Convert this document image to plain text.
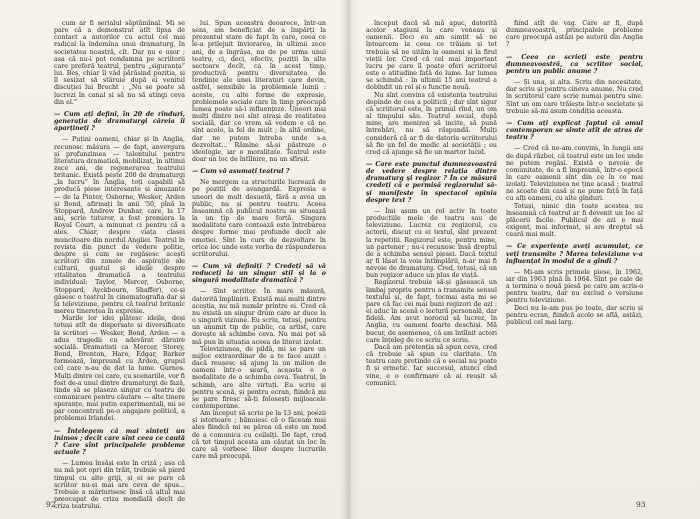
cum ar fi serialul săptămînal. Mi se pare că a demonstrat atît lipsa de contact a autorilor cu actul cel mai radical la îndemîna unui dramaturg, în societatea noastră, cît. Dar nu e ușor ; asa că nu-i pot condamna pe scriitorii care preferă teatrul, pentru „siguranța” lui. Beș, chiar îl văd părăsind poziția, și îl sesizat să stăruie după ei venitul discuției lui Brecht : „Nu se poate să lucrezi în canal și să nu să atingi ceva din el.”

— Cum ați defini, în 20 de rînduri, generația de dramaturgi căreia îi aparțineți ?

— Puțini oameni, chiar și în Anglia, recunosc măsura — de fapt, anvergura și profunzimea — talentului pentru literatura dramatică, mobilizat, în ultimii zece ani, de regenerarea teatrului britanic. Există peste 200 de dramaturgi „la lucru” în Anglia, toți capabili să producă piese interesante și amuzante — de la Pinter, Osborne, Wesker, Arden și Bond, afirmați în anii '50, pînă la Stoppard, Andrew Dunbar, care, la 17 ani, scrie tuturor, a fost premiera la Royal Court, a minunat ci pentru că a ales. Chiar, despre viața clasei muncitoare din nordul Angliei. Teatrul în revista din punct de vedere politic, despre și cum se regăsesc acești scriitori din zonele de aspirație ale culturii, gustul și ideile despre vitalitatea dramatică a teatrului individual: Taylor, Mercer, Osborne, Stoppard, Ayckbourn, Shaffer), ce-și găsesc o teatrul în cinematografia dar și la televiziune, pentru că teatrul britanic mereu tinerețea în expresie.

Marile lor idei plătesc ideile, deși totuși atît de dispersate și diversificate la scriitori — Wesker, Bond, Arden — a adus tragedii cu adevărat dăruire socială. Dramatisti ca Mercer, Storey, Bond, Brenton, Hare, Edgar, Barker formează, împreună cu Arden, grupul cel care n-au de dat la lume. Gurnos. Mulți dintre cei care, cu scenariile, vor fi fost de-a unul dintre dramaturgi de fază, tinde să se plaseze singur cu teatru de comunicare pentru căutare — alte tinere speranțe, mai puțin experimentali, mi se par concentrați pe-o angajare politică, a problemei Irlandei.

— Înțelegem că mai sînteți un inimos ; decît care sînt ceea ce caută ? Care sînt principalele probleme actuale ?

— Lumea însăși este în criză ; asa că nu mă pot opri din trăit, trebuie să pierd timpul cu alte griji, și ei se pare că scriitor nu-și mai are ceva de spus... Trebuie a mărturisesc însă că altul mai preocupat de criza mondială decît de criza teatrului.

lui. Spun aceastra deoarece, într-un sens, am beneficiat de a împărți la prezentul stare de fapt în care, ceea ce le-a prilejuit înviorarea, în ultimii zece ani, de a îngrășa, nu de pe urma unui teatru, ci, deci, efectiv, poziții în alte sectoare decît, ca în acest timp, productivă pentru diversitatea de tendințe ale unei literaturi care devin, astfel, sensibile la problemele lumii : aceste, cu alte forme de expresie, problemele sociale care în timp preocupă lumea poate să-i influențeze. Uneori mai mulți dintre noi sînt atrași de realitatea socială, dar ce vrem să vedem e că ne sînt acolo, la fel de mult ; în altă ordine, dar ne putem întreba unde s-a dezvoltat... Rămîne să-și păstreze o ideologie, iar o moralitate. Teatrul este doar un loc de întîlnire, nu un sfîrșit.

— Cum vă asumați teatrul ?

Ne mergem ca structurile lucrează de pe poziții de avangardă. Expresia e uneori de mult desuetă, fără a avea un public, nu și pentru teatru. Aceea înseamnă că publicul nostru se situează la un tip de mare forță. Singura modalitate care contează este întrebarea despre forme mai profunde decît ale emoției. Sînt în curs de dezvoltare în orice loc unde este vorba de răspunderea scriitorului.

— Cum vă definiți ? Credeți să vă reduceți la un singur stil și la o singură modalitate dramatică ?

— Sînt scriitor. În mare măsură, datorită împlinirii. Există mai mulți dintre aceștia, nu mă număr printre ei. Cred că nu există un singur drum care ar duce la o singură viziune. Eu scriu, totuși, pentru un anumit tip de public, ca artist, care dorește să schimbe ceva. Nu mai pot să mă pun în situația aceea de literat izolat.

Televiziunea, de pildă, mi se pare un mijloc extraordinar de a te face auzit : dacă reușesc să ajung la un milion de oameni într-o seară, aceasta e o modalitate de a schimba ceva. Teatrul, în schimb, are alte virtuți. Eu scriu și pentru scenă, și pentru ecran, fiindcă mi se pare firesc să-ți folosești mijloacele contemporane.

Am început să scriu pe la 13 ani, poezii și istorioare ; bănuiesc că o făceam mai ales fiindcă mi se părea că este un mod de a comunica cu ceilalți. De fapt, cred că tot timpul acesta am căutat un loc în care să vorbesc liber despre lucrurile care mă preocupă.

92

început dacă să mă apuc, datorită acelor stagiuni la care veneau și oamenii. Deci eu am simțit să ne întoarcem la ceea ce trăiam și tot trebuia să ne uităm la oameni și la firul vieții lor. Cred că cel mai important lucru pe care îl poate oferi scriitorul este o atitudine față de lume. Iar lumea se schimbă : în ultimii 15 ani teatrul a dobîndit un rol și o funcție nouă.

Nu sînt convins că existența teatrului depinde de cea a politicii ; dar sînt sigur că scriitorul este, în primul rînd, un om al timpului său. Teatrul social, după mine, are menirea să incite, să pună întrebări, nu să răspundă. Mulți consideră că ar fi de datoria scriitorului să fie un fel de medic al societății ; eu cred că ajunge să fie un martor lucid.

— Care este punctul dumneavoastră de vedere despre relația dintre dramaturg și regizor ? În ce măsură credeți că e permisă regizorului să-și manifeste în spectacol opinia despre text ?

— Îmi asum un rol activ în toate producțiile mele de teatru sau de televiziune. Lucrez cu regizorul, cu actorii, discut cu ei textul, sînt prezent la repetiții. Regizorul este, pentru mine, un partener ; nu-i recunosc însă dreptul de a schimba sensul piesei. Dacă textul ar fi lăsat la voia întîmplării, n-ar mai fi nevoie de dramaturg. Cred, totuși, că un bun regizor aduce un plus de viață.

Regizorul trebuie să-și găsească un limbaj propriu pentru a transmite sensul textului și, de fapt, tocmai asta mi se pare că fac cei mai buni regizori de azi : ei aduc în scenă o lectură personală, dar fidelă. Am avut norocul să lucrez, în Anglia, cu oameni foarte deschiși. Mă bucur, de asemenea, că am întîlnit actori care înțeleg de ce scriu ce scriu.

Dacă am pretenția să spun ceva, cred că trebuie să spun cu claritate. Un teatru care pretinde că e social nu poate fi și ermetic. Iar succesul, atunci cînd vine, e o confirmare că ai reușit să comunici.

fiind atît de vag. Care ar fi, după dumneavoastră, principalele probleme care preocupă astăzi pe autorii din Anglia ?

— Ceea ce scrieți este pentru dumneavoastră, ca scriitor social, pentru un public anume ?

— Și una, și alta. Scriu din necesitate, dar scriu și pentru cineva anume. Nu cred în scriitorul care scrie numai pentru sine. Sînt un om care trăiește într-o societate și trebuie să-mi asum condiția aceasta.

— Cum ați explicat faptul că omul contemporan se simte atît de atras de teatru ?

— Cred că ne-am convins, în lungii ani de după război, că teatrul este un loc unde ne putem regăsi. Există o nevoie de comunitate, de a fi împreună, într-o epocă în care oamenii sînt din ce în ce mai izolați. Televiziunea ne ține acasă ; teatrul ne scoate din casă și ne pune față în față cu alți oameni, cu alte gînduri.

Totuși, nimic din toate acestea nu înseamnă că teatrul ar fi devenit un loc al plăcerii facile. Publicul de azi e mai exigent, mai informat, și are dreptul să ceară mai mult.

— Ce experiențe aveți acumulat, ce veți transmite ? Marea televiziune v-a influențat în modul de a gîndi ?

— Mi-am scris primele piese, în 1962, iar din 1963 pînă în 1964. Sînt pe cale de a termina o nouă piesă pe care am scris-o pentru teatru, dar nu exclud o versiune pentru televiziune.

Deci nu le-am pus pe toate, dar scriu și pentru ecran, fiindcă acolo se află, astăzi, publicul cel mai larg.

93
